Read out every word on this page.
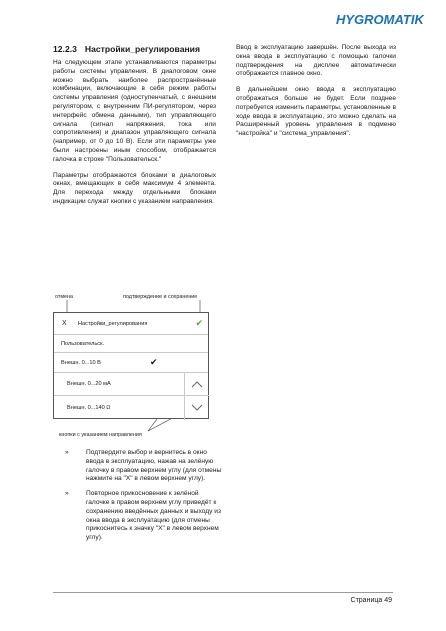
HYGROMATIK
12.2.3 Настройки_регулирования

На следующем этапе устанавливаются параметры работы системы управления. В диалоговом окне можно выбрать наиболее распространённые комбинации, включающие в себя режим работы системы управления (одноступенчатый, с внешним регулятором, с внутренним ПИ-регулятором, через интерфейс обмена данными), тип управляющего сигнала (сигнал напряжения, тока или сопротивления) и диапазон управляющего сигнала (например, от 0 до 10 В). Если эти параметры уже были настроены иным способом, отображается галочка в строке "Пользовательск."

Параметры отображаются блоками в диалоговых окнах, вмещающих в себя максимум 4 элемента. Для перехода между отдельными блоками индикации служат кнопки с указанием направления.

Ввод в эксплуатацию завершён. После выхода из окна ввода в эксплуатацию с помощью галочки подтверждения на дисплее автоматически отображается главное окно.

В дальнейшем окно ввода в эксплуатацию отображаться больше не будет. Если позднее потребуется изменить параметры, установленные в ходе ввода в эксплуатацию, это можно сделать на Расширенный уровень управления в подменю "настройка" и "система_управления".

отмена	подтверждение и сохранение
X Настройки_регулирования	✔
Пользовательск.
Внешн. 0...10 В	✔
Внешн. 0...20 мА
Внешн. 0...140 Ω
кнопки с указанием направления
»	Подтвердите выбор и вернитесь в окно ввода в эксплуатацию, нажав на зелёную галочку в правом верхнем углу (для отмены нажмите на "X" в левом верхнем углу).
»	Повторное прикосновение к зелёной галочке в правом верхнем углу приведёт к сохранению введённых данных и выходу из окна ввода в эксплуатацию (для отмены прикоснитесь к значку "X" в левом верхнем углу).
Страница 49
